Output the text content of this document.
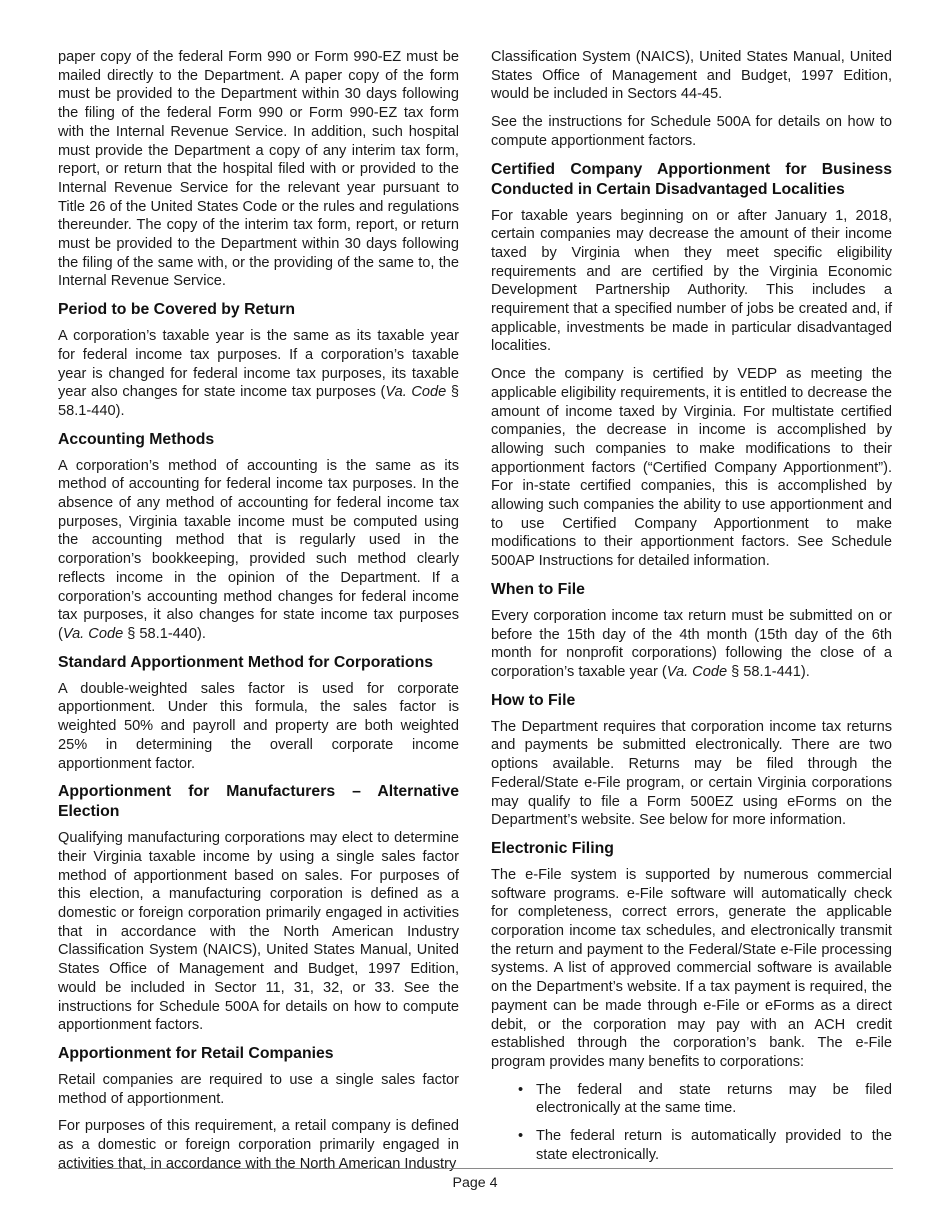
paper copy of the federal Form 990 or Form 990-EZ must be mailed directly to the Department. A paper copy of the form must be provided to the Department within 30 days following the filing of the federal Form 990 or Form 990-EZ tax form with the Internal Revenue Service. In addition, such hospital must provide the Department a copy of any interim tax form, report, or return that the hospital filed with or provided to the Internal Revenue Service for the relevant year pursuant to Title 26 of the United States Code or the rules and regulations thereunder. The copy of the interim tax form, report, or return must be provided to the Department within 30 days following the filing of the same with, or the providing of the same to, the Internal Revenue Service.

Period to be Covered by Return

A corporation’s taxable year is the same as its taxable year for federal income tax purposes. If a corporation’s taxable year is changed for federal income tax purposes, its taxable year also changes for state income tax purposes (Va. Code § 58.1-440).

Accounting Methods

A corporation’s method of accounting is the same as its method of accounting for federal income tax purposes. In the absence of any method of accounting for federal income tax purposes, Virginia taxable income must be computed using the accounting method that is regularly used in the corporation’s bookkeeping, provided such method clearly reflects income in the opinion of the Department. If a corporation’s accounting method changes for federal income tax purposes, it also changes for state income tax purposes (Va. Code § 58.1-440).

Standard Apportionment Method for Corporations

A double-weighted sales factor is used for corporate apportionment. Under this formula, the sales factor is weighted 50% and payroll and property are both weighted 25% in determining the overall corporate income apportionment factor.

Apportionment for Manufacturers – Alternative Election

Qualifying manufacturing corporations may elect to determine their Virginia taxable income by using a single sales factor method of apportionment based on sales. For purposes of this election, a manufacturing corporation is defined as a domestic or foreign corporation primarily engaged in activities that in accordance with the North American Industry Classification System (NAICS), United States Manual, United States Office of Management and Budget, 1997 Edition, would be included in Sector 11, 31, 32, or 33. See the instructions for Schedule 500A for details on how to compute apportionment factors.

Apportionment for Retail Companies

Retail companies are required to use a single sales factor method of apportionment.

For purposes of this requirement, a retail company is defined as a domestic or foreign corporation primarily engaged in activities that, in accordance with the North American Industry

Classification System (NAICS), United States Manual, United States Office of Management and Budget, 1997 Edition, would be included in Sectors 44-45.

See the instructions for Schedule 500A for details on how to compute apportionment factors.

Certified Company Apportionment for Business Conducted in Certain Disadvantaged Localities

For taxable years beginning on or after January 1, 2018, certain companies may decrease the amount of their income taxed by Virginia when they meet specific eligibility requirements and are certified by the Virginia Economic Development Partnership Authority. This includes a requirement that a specified number of jobs be created and, if applicable, investments be made in particular disadvantaged localities.

Once the company is certified by VEDP as meeting the applicable eligibility requirements, it is entitled to decrease the amount of income taxed by Virginia. For multistate certified companies, the decrease in income is accomplished by allowing such companies to make modifications to their apportionment factors (“Certified Company Apportionment”). For in-state certified companies, this is accomplished by allowing such companies the ability to use apportionment and to use Certified Company Apportionment to make modifications to their apportionment factors. See Schedule 500AP Instructions for detailed information.

When to File

Every corporation income tax return must be submitted on or before the 15th day of the 4th month (15th day of the 6th month for nonprofit corporations) following the close of a corporation’s taxable year (Va. Code § 58.1-441).

How to File

The Department requires that corporation income tax returns and payments be submitted electronically. There are two options available. Returns may be filed through the Federal/State e-File program, or certain Virginia corporations may qualify to file a Form 500EZ using eForms on the Department’s website. See below for more information.

Electronic Filing

The e-File system is supported by numerous commercial software programs. e-File software will automatically check for completeness, correct errors, generate the applicable corporation income tax schedules, and electronically transmit the return and payment to the Federal/State e-File processing systems. A list of approved commercial software is available on the Department’s website. If a tax payment is required, the payment can be made through e-File or eForms as a direct debit, or the corporation may pay with an ACH credit established through the corporation’s bank. The e-File program provides many benefits to corporations:

• The federal and state returns may be filed electronically at the same time.
• The federal return is automatically provided to the state electronically.
Page 4
